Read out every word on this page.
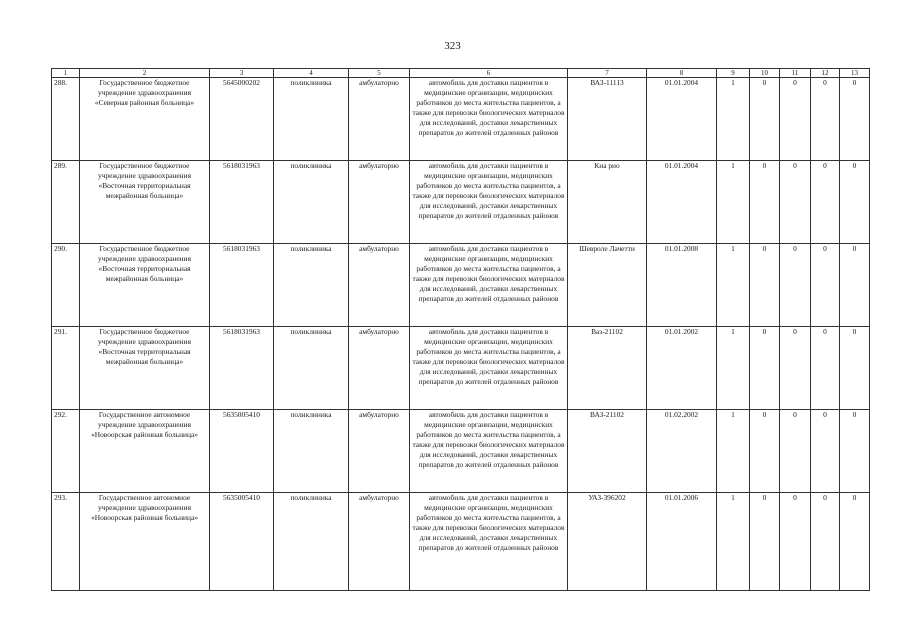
323
1	2	3	4	5	6	7	8	9	10	11	12	13
288.	Государственное бюджетное учреждение здравоохранения «Северная районная больница»	5645000202	поликлиника	амбулаторно	автомобиль для доставки пациентов в медицинские организации, медицинских работников до места жительства пациентов, а также для перевозки биологических материалов для исследований, доставки лекарственных препаратов до жителей отдаленных районов	ВАЗ-11113	01.01.2004	1	0	0	0	0
289.	Государственное бюджетное учреждение здравоохранения «Восточная территориальная межрайонная больница»	5618031963	поликлиника	амбулаторно	автомобиль для доставки пациентов в медицинские организации, медицинских работников до места жительства пациентов, а также для перевозки биологических материалов для исследований, доставки лекарственных препаратов до жителей отдаленных районов	Киа рио	01.01.2004	1	0	0	0	0
290.	Государственное бюджетное учреждение здравоохранения «Восточная территориальная межрайонная больница»	5618031963	поликлиника	амбулаторно	автомобиль для доставки пациентов в медицинские организации, медицинских работников до места жительства пациентов, а также для перевозки биологических материалов для исследований, доставки лекарственных препаратов до жителей отдаленных районов	Шевроле Лачетти	01.01.2008	1	0	0	0	0
291.	Государственное бюджетное учреждение здравоохранения «Восточная территориальная межрайонная больница»	5618031963	поликлиника	амбулаторно	автомобиль для доставки пациентов в медицинские организации, медицинских работников до места жительства пациентов, а также для перевозки биологических материалов для исследований, доставки лекарственных препаратов до жителей отдаленных районов	Ваз-21102	01.01.2002	1	0	0	0	0
292.	Государственное автономное учреждение здравоохранения «Новоорская районная больница»	5635005410	поликлиника	амбулаторно	автомобиль для доставки пациентов в медицинские организации, медицинских работников до места жительства пациентов, а также для перевозки биологических материалов для исследований, доставки лекарственных препаратов до жителей отдаленных районов	ВАЗ-21102	01.02.2002	1	0	0	0	0
293.	Государственное автономное учреждение здравоохранения «Новоорская районная больница»	5635005410	поликлиника	амбулаторно	автомобиль для доставки пациентов в медицинские организации, медицинских работников до места жительства пациентов, а также для перевозки биологических материалов для исследований, доставки лекарственных препаратов до жителей отдаленных районов	УАЗ-396202	01.01.2006	1	0	0	0	0
